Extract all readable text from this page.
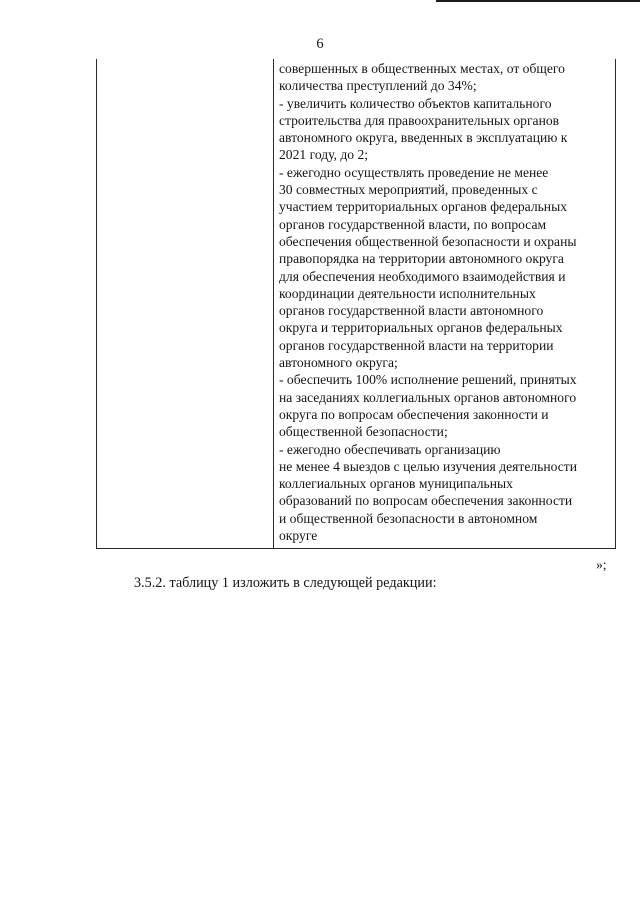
6
совершенных в общественных местах, от общего
количества преступлений до 34%;
- увеличить количество объектов капитального
строительства для правоохранительных органов
автономного округа, введенных в эксплуатацию к
2021 году, до 2;
- ежегодно осуществлять проведение не менее
30 совместных мероприятий, проведенных с
участием территориальных органов федеральных
органов государственной власти, по вопросам
обеспечения общественной безопасности и охраны
правопорядка на территории автономного округа
для обеспечения необходимого взаимодействия и
координации деятельности исполнительных
органов государственной власти автономного
округа и территориальных органов федеральных
органов государственной власти на территории
автономного округа;
- обеспечить 100% исполнение решений, принятых
на заседаниях коллегиальных органов автономного
округа по вопросам обеспечения законности и
общественной безопасности;
- ежегодно обеспечивать организацию
не менее 4 выездов с целью изучения деятельности
коллегиальных органов муниципальных
образований по вопросам обеспечения законности
и общественной безопасности в автономном
округе
»;
3.5.2. таблицу 1 изложить в следующей редакции:
